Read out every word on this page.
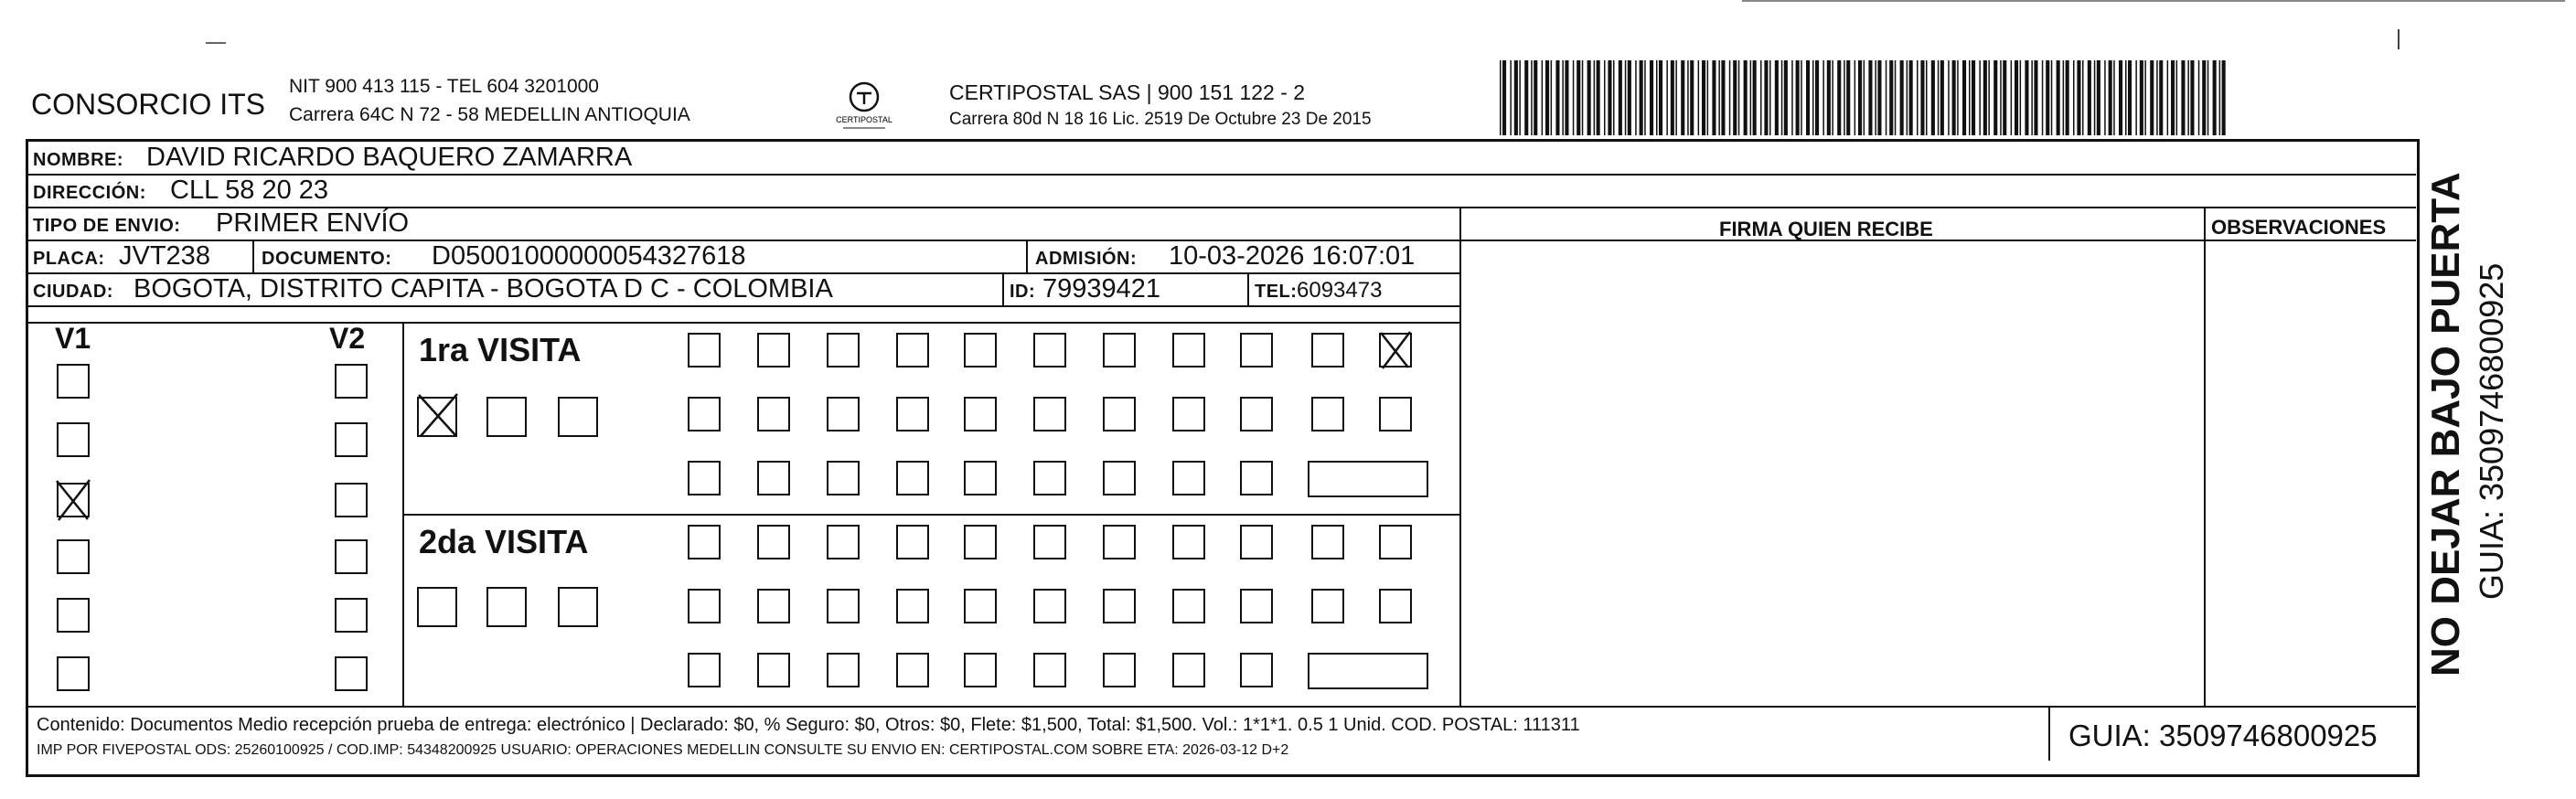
CONSORCIO ITS
NIT 900 413 115 - TEL 604 3201000
Carrera 64C N 72 - 58 MEDELLIN ANTIOQUIA	CERTIPOSTAL
CERTIPOSTAL SAS | 900 151 122 - 2
Carrera 80d N 18 16 Lic. 2519 De Octubre 23 De 2015
NOMBRE: DAVID RICARDO BAQUERO ZAMARRA
DIRECCIÓN: CLL 58 20 23
TIPO DE ENVIO: PRIMER ENVÍO	FIRMA QUIEN RECIBE	OBSERVACIONES
PLACA: JVT238	DOCUMENTO: D05001000000054327618	ADMISIÓN: 10-03-2026 16:07:01
CIUDAD: BOGOTA, DISTRITO CAPITA - BOGOTA D C - COLOMBIA	ID: 79939421	TEL: 6093473
V1	V2 1ra VISITA
2da VISITA
Contenido: Documentos Medio recepción prueba de entrega: electrónico | Declarado: $0, % Seguro: $0, Otros: $0, Flete: $1,500, Total: $1,500. Vol.: 1*1*1. 0.5 1 Unid. COD. POSTAL: 111311
IMP POR FIVEPOSTAL ODS: 25260100925 / COD.IMP: 54348200925 USUARIO: OPERACIONES MEDELLIN CONSULTE SU ENVIO EN: CERTIPOSTAL.COM SOBRE ETA: 2026-03-12 D+2	GUIA: 3509746800925
NO DEJAR BAJO PUERTA GUIA: 3509746800925
